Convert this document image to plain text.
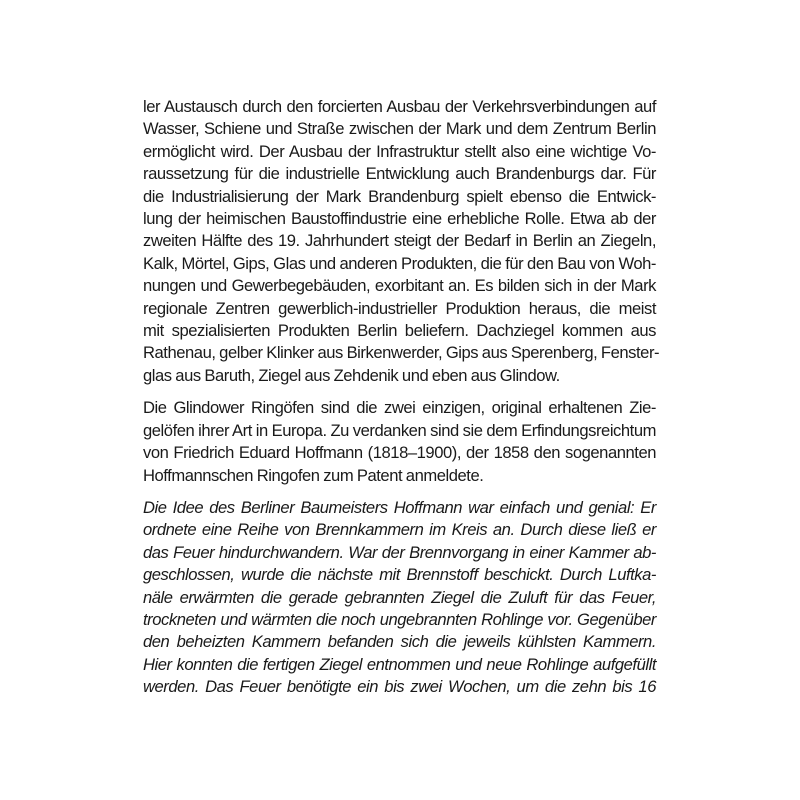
ler Austausch durch den forcierten Ausbau der Verkehrsverbindungen auf
Wasser, Schiene und Straße zwischen der Mark und dem Zentrum Berlin
ermöglicht wird. Der Ausbau der Infrastruktur stellt also eine wichtige Vo-
raussetzung für die industrielle Entwicklung auch Brandenburgs dar. Für
die Industrialisierung der Mark Brandenburg spielt ebenso die Entwick-
lung der heimischen Baustoffindustrie eine erhebliche Rolle. Etwa ab der
zweiten Hälfte des 19. Jahrhundert steigt der Bedarf in Berlin an Ziegeln,
Kalk, Mörtel, Gips, Glas und anderen Produkten, die für den Bau von Woh-
nungen und Gewerbegebäuden, exorbitant an. Es bilden sich in der Mark
regionale Zentren gewerblich-industrieller Produktion heraus, die meist
mit spezialisierten Produkten Berlin beliefern. Dachziegel kommen aus
Rathenau, gelber Klinker aus Birkenwerder, Gips aus Sperenberg, Fenster-
glas aus Baruth, Ziegel aus Zehdenik und eben aus Glindow.

Die Glindower Ringöfen sind die zwei einzigen, original erhaltenen Zie-
gelöfen ihrer Art in Europa. Zu verdanken sind sie dem Erfindungsreichtum
von Friedrich Eduard Hoffmann (1818–1900), der 1858 den sogenannten
Hoffmannschen Ringofen zum Patent anmeldete.

Die Idee des Berliner Baumeisters Hoffmann war einfach und genial: Er
ordnete eine Reihe von Brennkammern im Kreis an. Durch diese ließ er
das Feuer hindurchwandern. War der Brennvorgang in einer Kammer ab-
geschlossen, wurde die nächste mit Brennstoff beschickt. Durch Luftka-
näle erwärmten die gerade gebrannten Ziegel die Zuluft für das Feuer,
trockneten und wärmten die noch ungebrannten Rohlinge vor. Gegenüber
den beheizten Kammern befanden sich die jeweils kühlsten Kammern.
Hier konnten die fertigen Ziegel entnommen und neue Rohlinge aufgefüllt
werden. Das Feuer benötigte ein bis zwei Wochen, um die zehn bis 16
